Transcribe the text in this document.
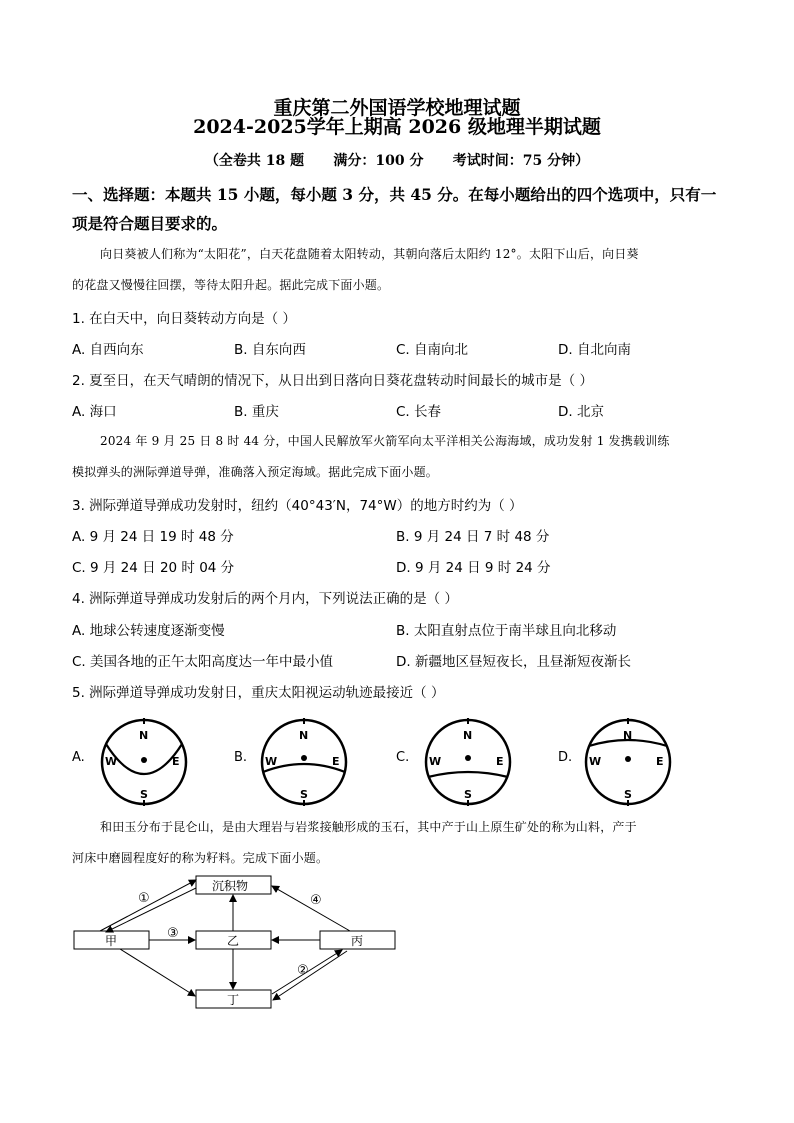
重庆第二外国语学校地理试题
2024-2025学年上期高 2026 级地理半期试题
（全卷共 18 题      满分：100 分      考试时间：75 分钟）
一、选择题：本题共 15 小题，每小题 3 分，共 45 分。在每小题给出的四个选项中，只有一
项是符合题目要求的。
向日葵被人们称为“太阳花”，白天花盘随着太阳转动，其朝向落后太阳约 12°。太阳下山后，向日葵
的花盘又慢慢往回摆，等待太阳升起。据此完成下面小题。
1. 在白天中，向日葵转动方向是（ ）
A. 自西向东	B. 自东向西	C. 自南向北	D. 自北向南
2. 夏至日，在天气晴朗的情况下，从日出到日落向日葵花盘转动时间最长的城市是（ ）
A. 海口	B. 重庆	C. 长春	D. 北京
2024 年 9 月 25 日 8 时 44 分，中国人民解放军火箭军向太平洋相关公海海域，成功发射 1 发携载训练
模拟弹头的洲际弹道导弹，准确落入预定海域。据此完成下面小题。
3. 洲际弹道导弹成功发射时，纽约（40°43′N，74°W）的地方时约为（ ）
A. 9 月 24 日 19 时 48 分	B. 9 月 24 日 7 时 48 分
C. 9 月 24 日 20 时 04 分	D. 9 月 24 日 9 时 24 分
4. 洲际弹道导弹成功发射后的两个月内，下列说法正确的是（ ）
A. 地球公转速度逐渐变慢	B. 太阳直射点位于南半球且向北移动
C. 美国各地的正午太阳高度达一年中最小值	D. 新疆地区昼短夜长，且昼渐短夜渐长
5. 洲际弹道导弹成功发射日，重庆太阳视运动轨迹最接近（ ）
A.
N
S
W	E	B.
N
S
W	E	C.
N
S
W	E	D.
N
S
W	E
和田玉分布于昆仑山，是由大理岩与岩浆接触形成的玉石，其中产于山上原生矿处的称为山料，产于
河床中磨圆程度好的称为籽料。完成下面小题。
沉积物
甲	乙	丙
丁
①
③
④
②
